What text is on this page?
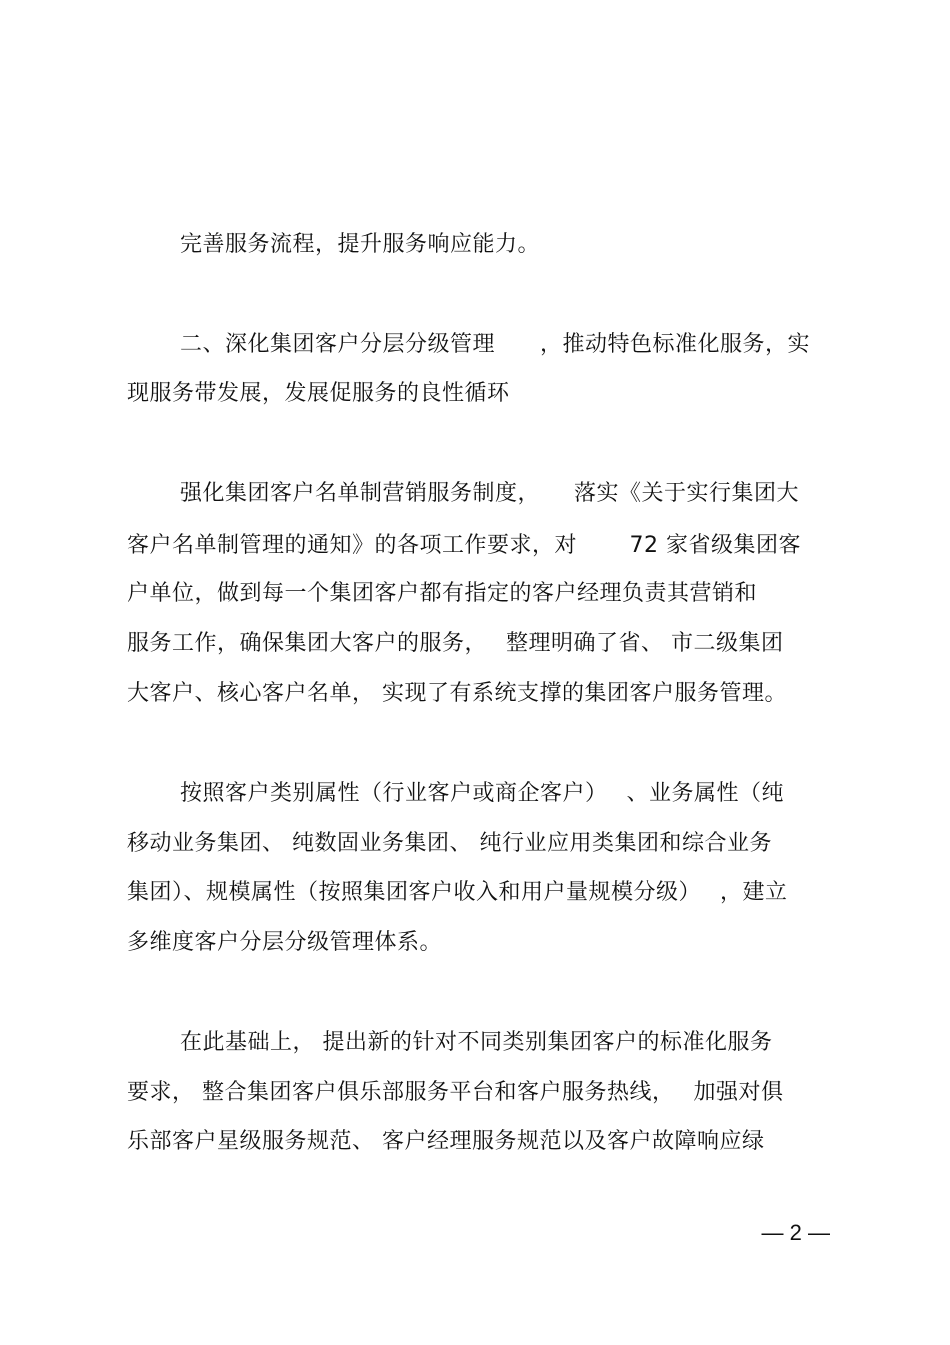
完善服务流程，提升服务响应能力。
二、深化集团客户分层分级管理　　，推动特色标准化服务，实
现服务带发展，发展促服务的良性循环
强化集团客户名单制营销服务制度，　　落实《关于实行集团大
客户名单制管理的通知》的各项工作要求，对　　 72 家省级集团客
户单位，做到每一个集团客户都有指定的客户经理负责其营销和
服务工作，确保集团大客户的服务，　 整理明确了省、 市二级集团
大客户、核心客户名单， 实现了有系统支撑的集团客户服务管理。
按照客户类别属性（行业客户或商企客户）　 、业务属性（纯
移动业务集团、 纯数固业务集团、 纯行业应用类集团和综合业务
集团）、规模属性（按照集团客户收入和用户量规模分级）　 ，建立
多维度客户分层分级管理体系。
在此基础上， 提出新的针对不同类别集团客户的标准化服务
要求， 整合集团客户俱乐部服务平台和客户服务热线，　 加强对俱
乐部客户星级服务规范、 客户经理服务规范以及客户故障响应绿
— 2 —
